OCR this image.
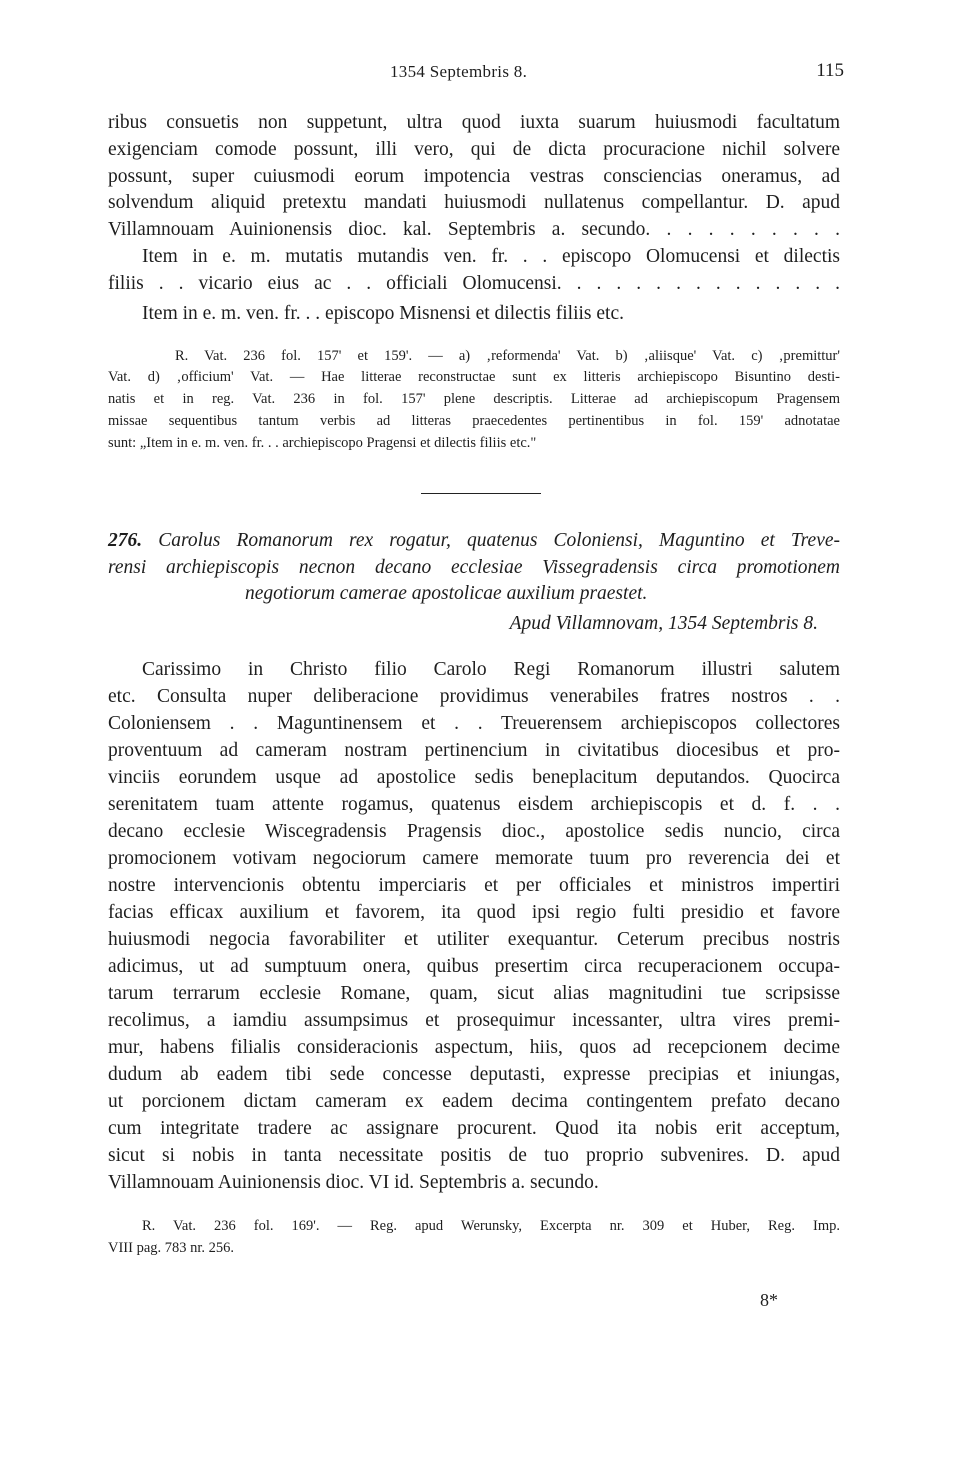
1354 Septembris 8.	115
ribus consuetis non suppetunt, ultra quod iuxta suarum huiusmodi facultatum
exigenciam comode possunt, illi vero, qui de dicta procuracione nichil solvere
possunt, super cuiusmodi eorum impotencia vestras consciencias oneramus, ad
solvendum aliquid pretextu mandati huiusmodi nullatenus compellantur. D. apud
Villamnouam Auinionensis dioc. kal. Septembris a. secundo. . . . . . . . . .
Item in e. m. mutatis mutandis ven. fr. . . episcopo Olomucensi et dilectis
filiis . . vicario eius ac . . officiali Olomucensi. . . . . . . . . . . . . . .
Item in e. m. ven. fr. . . episcopo Misnensi et dilectis filiis etc.
R. Vat. 236 fol. 157' et 159'. — a) ‚reformenda' Vat. b) ‚aliisque' Vat. c) ‚premittur'
Vat. d) ‚officium' Vat. — Hae litterae reconstructae sunt ex litteris archiepiscopo Bisuntino desti-
natis et in reg. Vat. 236 in fol. 157' plene descriptis. Litterae ad archiepiscopum Pragensem
missae sequentibus tantum verbis ad litteras praecedentes pertinentibus in fol. 159' adnotatae
sunt: „Item in e. m. ven. fr. . . archiepiscopo Pragensi et dilectis filiis etc."
276. Carolus Romanorum rex rogatur, quatenus Coloniensi, Maguntino et Treve-
rensi archiepiscopis necnon decano ecclesiae Vissegradensis circa promotionem
negotiorum camerae apostolicae auxilium praestet.
Apud Villamnovam, 1354 Septembris 8.
Carissimo in Christo filio Carolo Regi Romanorum illustri salutem
etc. Consulta nuper deliberacione providimus venerabiles fratres nostros . .
Coloniensem . . Maguntinensem et . . Treuerensem archiepiscopos collectores
proventuum ad cameram nostram pertinencium in civitatibus diocesibus et pro-
vinciis eorundem usque ad apostolice sedis beneplacitum deputandos. Quocirca
serenitatem tuam attente rogamus, quatenus eisdem archiepiscopis et d. f. . .
decano ecclesie Wiscegradensis Pragensis dioc., apostolice sedis nuncio, circa
promocionem votivam negociorum camere memorate tuum pro reverencia dei et
nostre intervencionis obtentu imperciaris et per officiales et ministros impertiri
facias efficax auxilium et favorem, ita quod ipsi regio fulti presidio et favore
huiusmodi negocia favorabiliter et utiliter exequantur. Ceterum precibus nostris
adicimus, ut ad sumptuum onera, quibus presertim circa recuperacionem occupa-
tarum terrarum ecclesie Romane, quam, sicut alias magnitudini tue scripsisse
recolimus, a iamdiu assumpsimus et prosequimur incessanter, ultra vires premi-
mur, habens filialis consideracionis aspectum, hiis, quos ad recepcionem decime
dudum ab eadem tibi sede concesse deputasti, expresse precipias et iniungas,
ut porcionem dictam cameram ex eadem decima contingentem prefato decano
cum integritate tradere ac assignare procurent. Quod ita nobis erit acceptum,
sicut si nobis in tanta necessitate positis de tuo proprio subvenires. D. apud
Villamnouam Auinionensis dioc. VI id. Septembris a. secundo.
R. Vat. 236 fol. 169'. — Reg. apud Werunsky, Excerpta nr. 309 et Huber, Reg. Imp.
VIII pag. 783 nr. 256.
8*
